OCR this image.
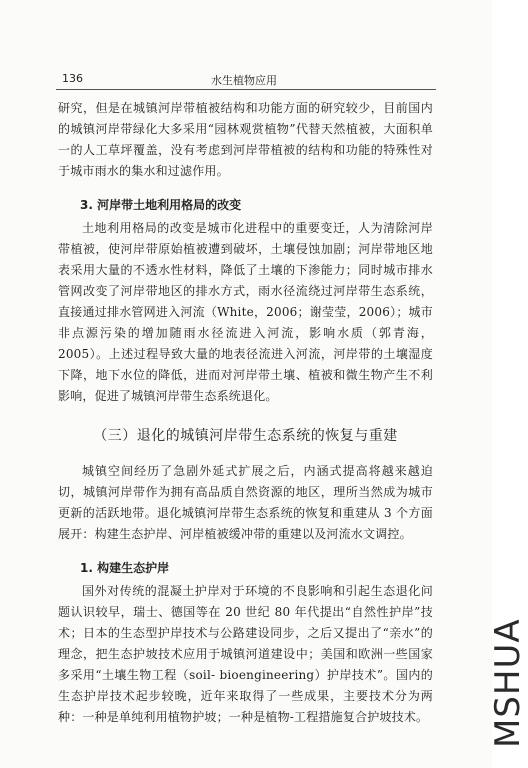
136	水生植物应用

研究，但是在城镇河岸带植被结构和功能方面的研究较少，目前国内的城镇河岸带绿化大多采用“园林观赏植物”代替天然植被，大面积单一的人工草坪覆盖，没有考虑到河岸带植被的结构和功能的特殊性对于城市雨水的集水和过滤作用。

3. 河岸带土地利用格局的改变

土地利用格局的改变是城市化进程中的重要变迁，人为清除河岸带植被，使河岸带原始植被遭到破坏，土壤侵蚀加剧；河岸带地区地表采用大量的不透水性材料，降低了土壤的下渗能力；同时城市排水管网改变了河岸带地区的排水方式，雨水径流绕过河岸带生态系统，直接通过排水管网进入河流（White，2006；谢莹莹，2006）；城市非点源污染的增加随雨水径流进入河流，影响水质（郭青海，2005）。上述过程导致大量的地表径流进入河流，河岸带的土壤湿度下降，地下水位的降低，进而对河岸带土壤、植被和微生物产生不利影响，促进了城镇河岸带生态系统退化。

（三）退化的城镇河岸带生态系统的恢复与重建

城镇空间经历了急剧外延式扩展之后，内涵式提高将越来越迫切，城镇河岸带作为拥有高品质自然资源的地区，理所当然成为城市更新的活跃地带。退化城镇河岸带生态系统的恢复和重建从 3 个方面展开：构建生态护岸、河岸植被缓冲带的重建以及河流水文调控。

1. 构建生态护岸

国外对传统的混凝土护岸对于环境的不良影响和引起生态退化问题认识较早，瑞士、德国等在 20 世纪 80 年代提出“自然性护岸”技术；日本的生态型护岸技术与公路建设同步，之后又提出了“亲水”的理念，把生态护坡技术应用于城镇河道建设中；美国和欧洲一些国家多采用“土壤生物工程（soil- bioengineering）护岸技术”。国内的生态护岸技术起步较晚，近年来取得了一些成果，主要技术分为两种：一种是单纯利用植物护坡；一种是植物-工程措施复合护坡技术。 MSHUA
